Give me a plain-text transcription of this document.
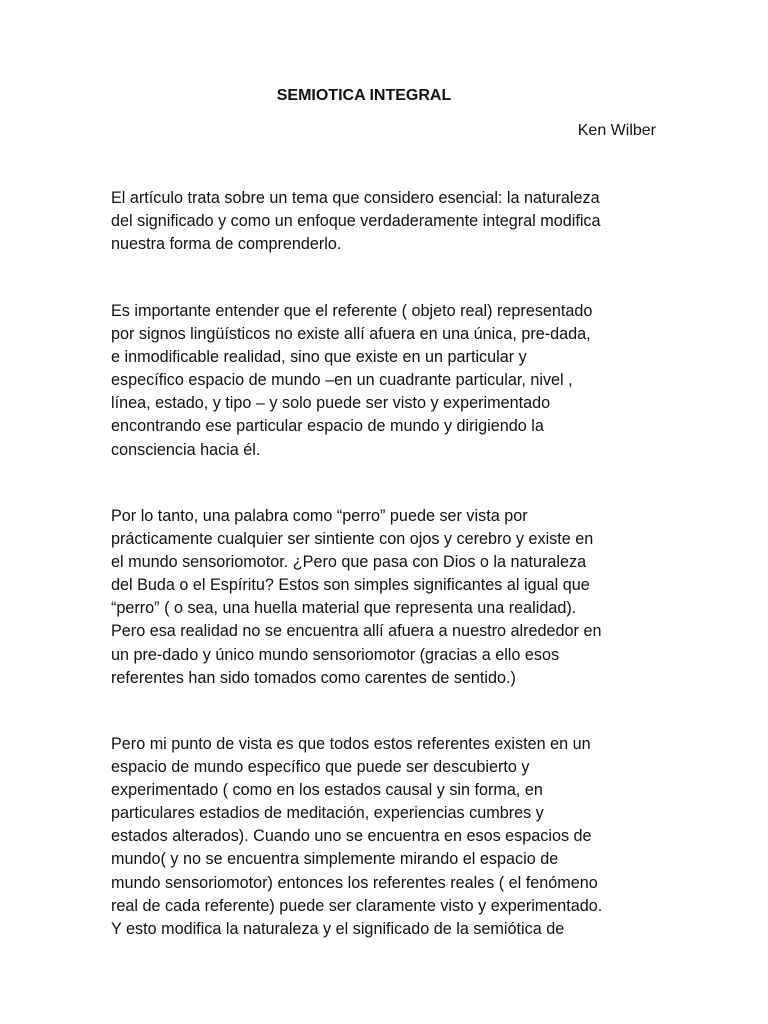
SEMIOTICA INTEGRAL

Ken Wilber

El artículo trata sobre un tema que considero esencial: la naturaleza
del significado y como un enfoque verdaderamente integral modifica
nuestra forma de comprenderlo.

Es importante entender que el referente ( objeto real) representado
por signos lingüísticos no existe allí afuera en una única, pre-dada,
e inmodificable realidad, sino que existe en un particular y
específico espacio de mundo –en un cuadrante particular, nivel ,
línea, estado, y tipo – y solo puede ser visto y experimentado
encontrando ese particular espacio de mundo y dirigiendo la
consciencia hacia él.

Por lo tanto, una palabra como “perro” puede ser vista por
prácticamente cualquier ser sintiente con ojos y cerebro y existe en
el mundo sensoriomotor. ¿Pero que pasa con Dios o la naturaleza
del Buda o el Espíritu? Estos son simples significantes al igual que
“perro” ( o sea, una huella material que representa una realidad).
Pero esa realidad no se encuentra allí afuera a nuestro alrededor en
un pre-dado y único mundo sensoriomotor (gracias a ello esos
referentes han sido tomados como carentes de sentido.)

Pero mi punto de vista es que todos estos referentes existen en un
espacio de mundo específico que puede ser descubierto y
experimentado ( como en los estados causal y sin forma, en
particulares estadios de meditación, experiencias cumbres y
estados alterados). Cuando uno se encuentra en esos espacios de
mundo( y no se encuentra simplemente mirando el espacio de
mundo sensoriomotor) entonces los referentes reales ( el fenómeno
real de cada referente) puede ser claramente visto y experimentado.
Y esto modifica la naturaleza y el significado de la semiótica de
